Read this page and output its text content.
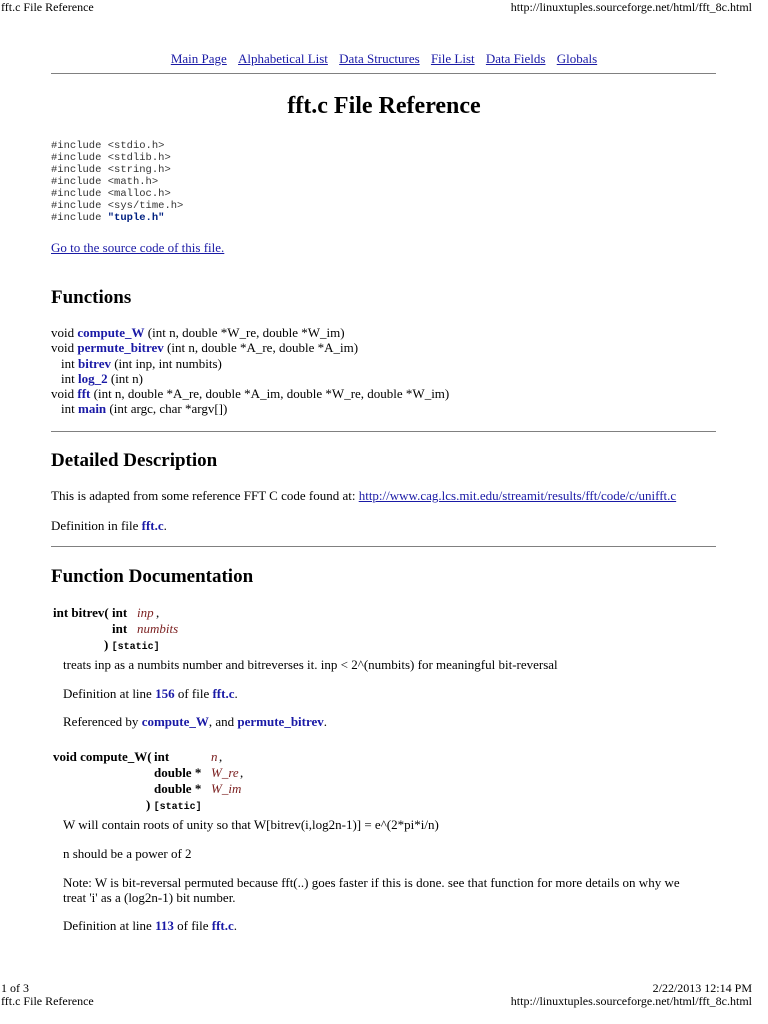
fft.c File Reference	http://linuxtuples.sourceforge.net/html/fft_8c.html
Main Page Alphabetical List Data Structures File List Data Fields Globals
fft.c File Reference
#include <stdio.h>
#include <stdlib.h>
#include <string.h>
#include <math.h>
#include <malloc.h>
#include <sys/time.h>
#include "tuple.h"
Go to the source code of this file.
Functions
void compute_W (int n, double *W_re, double *W_im)
void permute_bitrev (int n, double *A_re, double *A_im)
int bitrev (int inp, int numbits)
int log_2 (int n)
void fft (int n, double *A_re, double *A_im, double *W_re, double *W_im)
int main (int argc, char *argv[])
Detailed Description
This is adapted from some reference FFT C code found at: http://www.cag.lcs.mit.edu/streamit/results/fft/code/c/unifft.c
Definition in file fft.c.
Function Documentation
int bitrev( int inp ,
int numbits
) [static]
treats inp as a numbits number and bitreverses it. inp < 2^(numbits) for meaningful bit-reversal
Definition at line 156 of file fft.c.
Referenced by compute_W, and permute_bitrev.
void compute_W( int	n ,
double * W_re ,
double * W_im
) [static]
W will contain roots of unity so that W[bitrev(i,log2n-1)] = e^(2*pi*i/n)
n should be a power of 2
Note: W is bit-reversal permuted because fft(..) goes faster if this is done. see that function for more details on why we
treat 'i' as a (log2n-1) bit number.
Definition at line 113 of file fft.c.
1 of 3	2/22/2013 12:14 PM
fft.c File Reference	http://linuxtuples.sourceforge.net/html/fft_8c.html
